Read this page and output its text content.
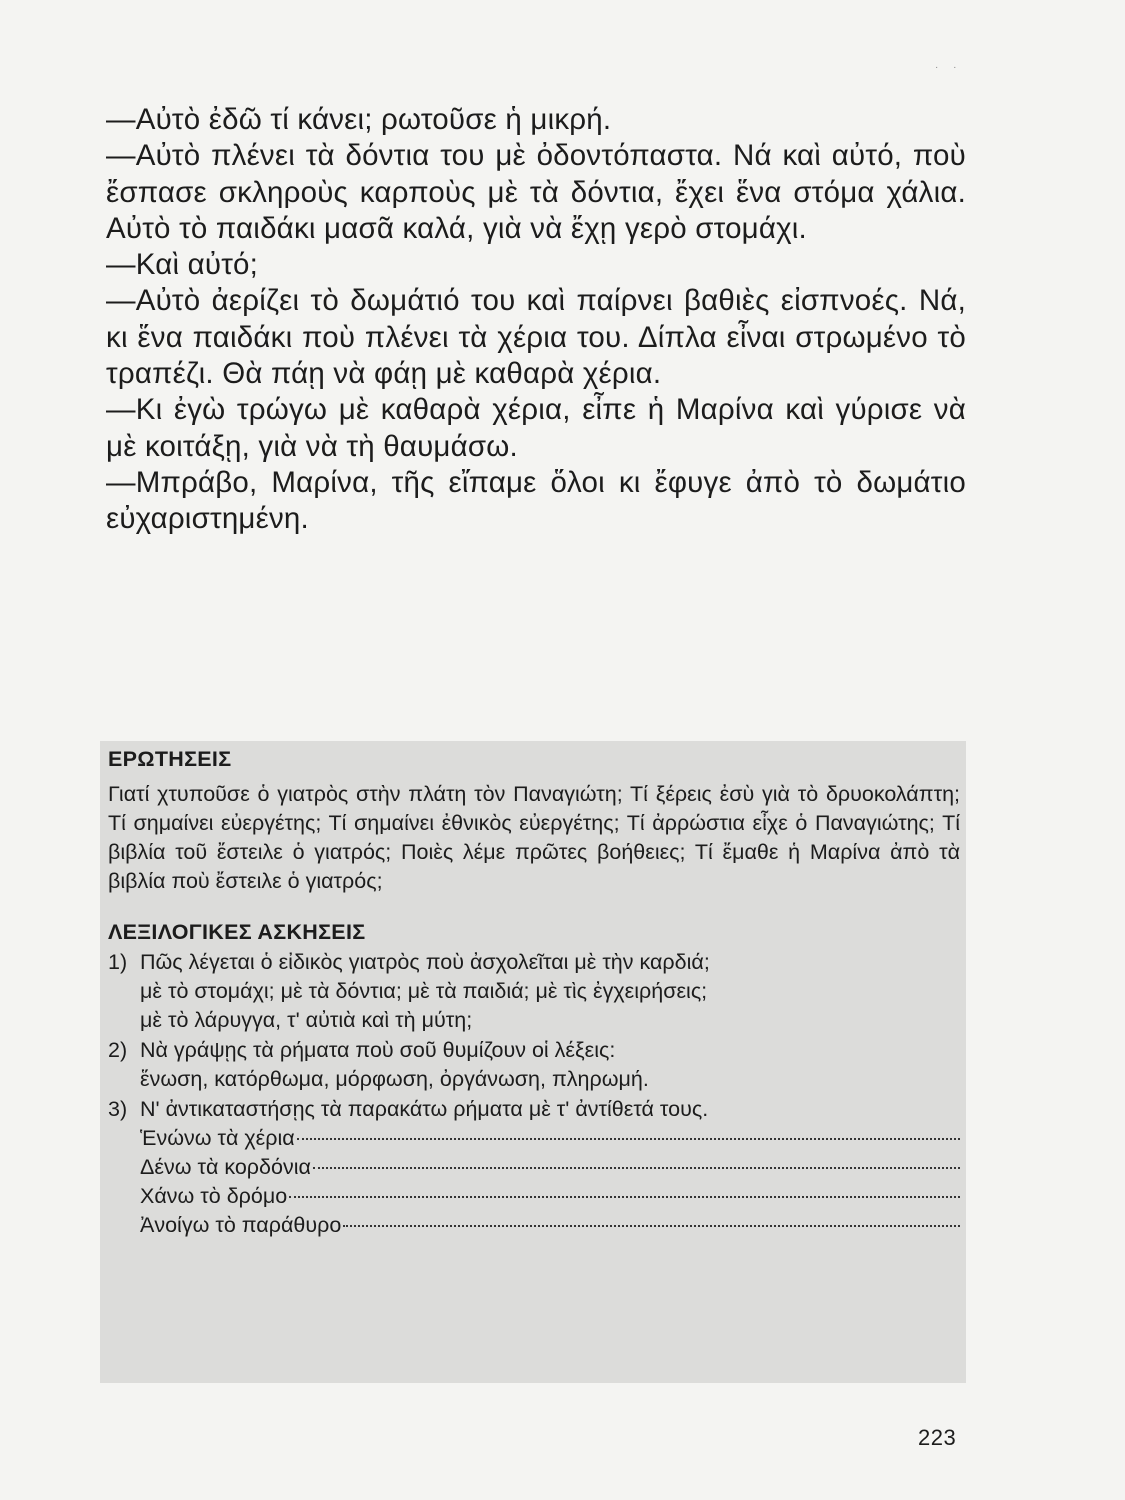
· ·

—Αὐτὸ ἐδῶ τί κάνει; ρωτοῦσε ἡ μικρή.

—Αὐτὸ πλένει τὰ δόντια του μὲ ὀδοντόπαστα. Νά καὶ αὐτό, ποὺ ἔσπασε σκληροὺς καρποὺς μὲ τὰ δόντια, ἔχει ἕνα στόμα χάλια. Αὐτὸ τὸ παιδάκι μασᾶ καλά, γιὰ νὰ ἔχῃ γερὸ στομάχι.

—Καὶ αὐτό;

—Αὐτὸ ἀερίζει τὸ δωμάτιό του καὶ παίρνει βαθιὲς εἰσπνοές. Νά, κι ἕνα παιδάκι ποὺ πλένει τὰ χέρια του. Δίπλα εἶναι στρωμένο τὸ τραπέζι. Θὰ πάῃ νὰ φάῃ μὲ καθαρὰ χέρια.

—Κι ἐγὼ τρώγω μὲ καθαρὰ χέρια, εἶπε ἡ Μαρίνα καὶ γύρισε νὰ μὲ κοιτάξῃ, γιὰ νὰ τὴ θαυμάσω.

—Μπράβο, Μαρίνα, τῆς εἴπαμε ὅλοι κι ἔφυγε ἀπὸ τὸ δωμάτιο εὐχαριστημένη.

ΕΡΩΤΗΣΕΙΣ

Γιατί χτυποῦσε ὁ γιατρὸς στὴν πλάτη τὸν Παναγιώτη; Τί ξέρεις ἐσὺ γιὰ τὸ δρυοκολάπτη; Τί σημαίνει εὐεργέτης; Τί σημαίνει ἐθνικὸς εὐεργέτης; Τί ἀρρώστια εἶχε ὁ Παναγιώτης; Τί βιβλία τοῦ ἔστειλε ὁ γιατρός; Ποιὲς λέμε πρῶτες βοήθειες; Τί ἔμαθε ἡ Μαρίνα ἀπὸ τὰ βιβλία ποὺ ἔστειλε ὁ γιατρός;

ΛΕΞΙΛΟΓΙΚΕΣ ΑΣΚΗΣΕΙΣ
1) Πῶς λέγεται ὁ εἰδικὸς γιατρὸς ποὺ ἀσχολεῖται μὲ τὴν καρδιά;
μὲ τὸ στομάχι; μὲ τὰ δόντια; μὲ τὰ παιδιά; μὲ τὶς ἐγχειρήσεις;
μὲ τὸ λάρυγγα, τ' αὐτιὰ καὶ τὴ μύτη;
2) Νὰ γράψῃς τὰ ρήματα ποὺ σοῦ θυμίζουν οἱ λέξεις:
ἕνωση, κατόρθωμα, μόρφωση, ὀργάνωση, πληρωμή.
3) Ν' ἀντικαταστήσῃς τὰ παρακάτω ρήματα μὲ τ' ἀντίθετά τους.
Ἑνώνω τὰ χέρια
Δένω τὰ κορδόνια
Χάνω τὸ δρόμο
Ἀνοίγω τὸ παράθυρο
223
